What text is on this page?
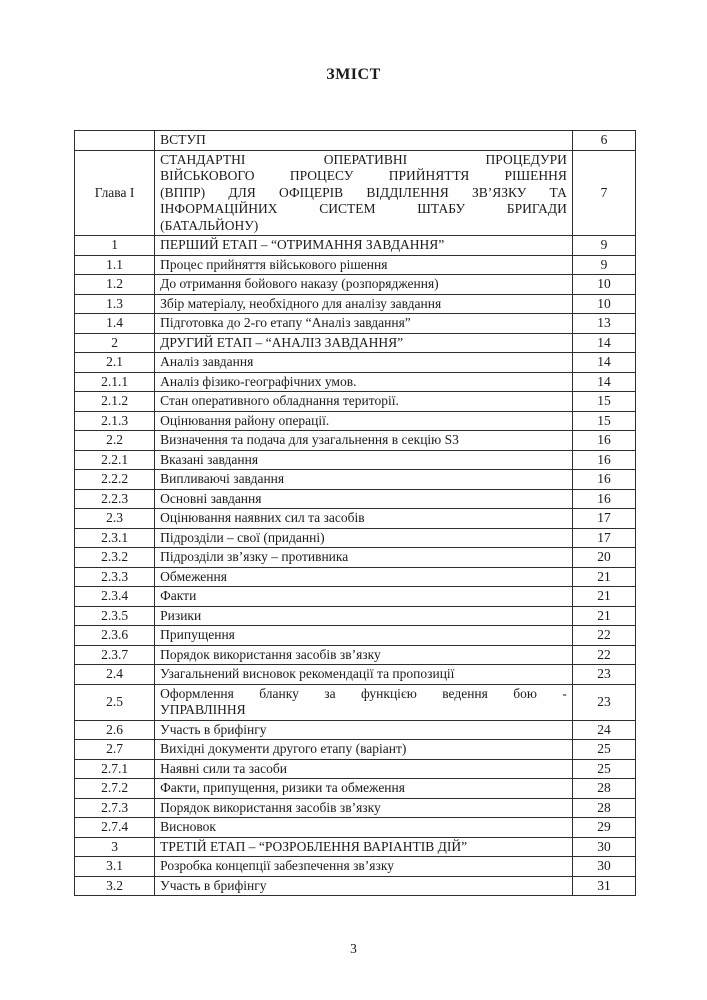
ЗМІСТ
	ВСТУП	6
Глава I	СТАНДАРТНІ ОПЕРАТИВНІ ПРОЦЕДУРИ
ВІЙСЬКОВОГО ПРОЦЕСУ ПРИЙНЯТТЯ РІШЕННЯ
(ВППР) ДЛЯ ОФІЦЕРІВ ВІДДІЛЕННЯ ЗВ’ЯЗКУ ТА
ІНФОРМАЦІЙНИХ СИСТЕМ ШТАБУ БРИГАДИ
(БАТАЛЬЙОНУ)	7
1	ПЕРШИЙ ЕТАП – “ОТРИМАННЯ ЗАВДАННЯ”	9
1.1	Процес прийняття військового рішення	9
1.2	До отримання бойового наказу (розпорядження)	10
1.3	Збір матеріалу, необхідного для аналізу завдання	10
1.4	Підготовка до 2-го етапу “Аналіз завдання”	13
2	ДРУГИЙ ЕТАП – “АНАЛІЗ ЗАВДАННЯ”	14
2.1	Аналіз завдання	14
2.1.1	Аналіз фізико-географічних умов.	14
2.1.2	Стан оперативного обладнання території.	15
2.1.3	Оцінювання району операції.	15
2.2	Визначення та подача для узагальнення в секцію S3	16
2.2.1	Вказані завдання	16
2.2.2	Випливаючі завдання	16
2.2.3	Основні завдання	16
2.3	Оцінювання наявних сил та засобів	17
2.3.1	Підрозділи – свої (приданні)	17
2.3.2	Підрозділи зв’язку – противника	20
2.3.3	Обмеження	21
2.3.4	Факти	21
2.3.5	Ризики	21
2.3.6	Припущення	22
2.3.7	Порядок використання засобів зв’язку	22
2.4	Узагальнений висновок рекомендації та пропозиції	23
2.5	Оформлення бланку за функцією ведення бою -
УПРАВЛІННЯ	23
2.6	Участь в брифінгу	24
2.7	Вихідні документи другого етапу (варіант)	25
2.7.1	Наявні сили та засоби	25
2.7.2	Факти, припущення, ризики та обмеження	28
2.7.3	Порядок використання засобів зв’язку	28
2.7.4	Висновок	29
3	ТРЕТІЙ ЕТАП – “РОЗРОБЛЕННЯ ВАРІАНТІВ ДІЙ”	30
3.1	Розробка концепції забезпечення зв’язку	30
3.2	Участь в брифінгу	31
3
